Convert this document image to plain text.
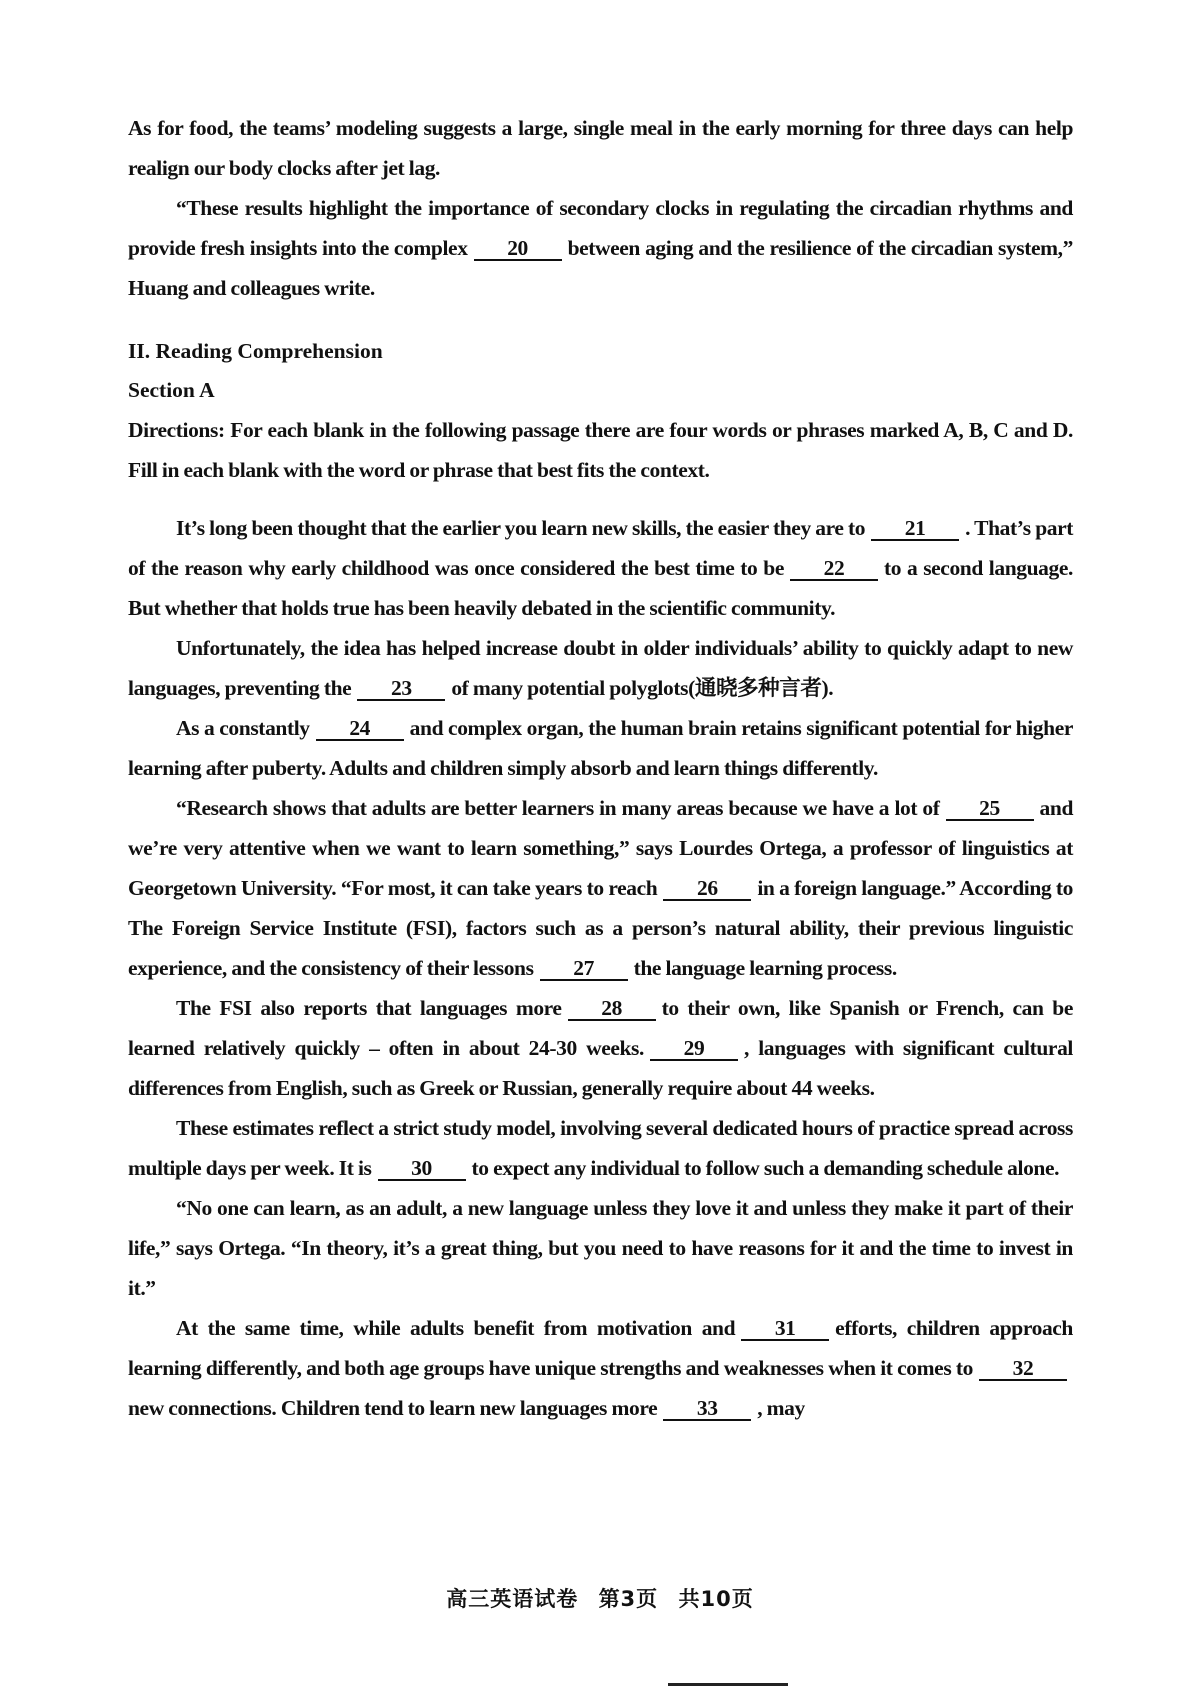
As for food, the teams’ modeling suggests a large, single meal in the early morning for three days can help realign our body clocks after jet lag.

“These results highlight the importance of secondary clocks in regulating the circadian rhythms and provide fresh insights into the complex 20 between aging and the resilience of the circadian system,” Huang and colleagues write.

II. Reading Comprehension

Section A

Directions: For each blank in the following passage there are four words or phrases marked A, B, C and D. Fill in each blank with the word or phrase that best fits the context.

It’s long been thought that the earlier you learn new skills, the easier they are to 21 . That’s part of the reason why early childhood was once considered the best time to be 22 to a second language. But whether that holds true has been heavily debated in the scientific community.

Unfortunately, the idea has helped increase doubt in older individuals’ ability to quickly adapt to new languages, preventing the 23 of many potential polyglots(通晓多种言者).

As a constantly 24 and complex organ, the human brain retains significant potential for higher learning after puberty. Adults and children simply absorb and learn things differently.

“Research shows that adults are better learners in many areas because we have a lot of 25 and we’re very attentive when we want to learn something,” says Lourdes Ortega, a professor of linguistics at Georgetown University. “For most, it can take years to reach 26 in a foreign language.” According to The Foreign Service Institute (FSI), factors such as a person’s natural ability, their previous linguistic experience, and the consistency of their lessons 27 the language learning process.

The FSI also reports that languages more 28 to their own, like Spanish or French, can be learned relatively quickly – often in about 24-30 weeks. 29 , languages with significant cultural differences from English, such as Greek or Russian, generally require about 44 weeks.

These estimates reflect a strict study model, involving several dedicated hours of practice spread across multiple days per week. It is 30 to expect any individual to follow such a demanding schedule alone.

“No one can learn, as an adult, a new language unless they love it and unless they make it part of their life,” says Ortega. “In theory, it’s a great thing, but you need to have reasons for it and the time to invest in it.”

At the same time, while adults benefit from motivation and 31 efforts, children approach learning differently, and both age groups have unique strengths and weaknesses when it comes to 32new connections. Children tend to learn new languages more 33 , may

高三英语试卷 第3页 共10页
